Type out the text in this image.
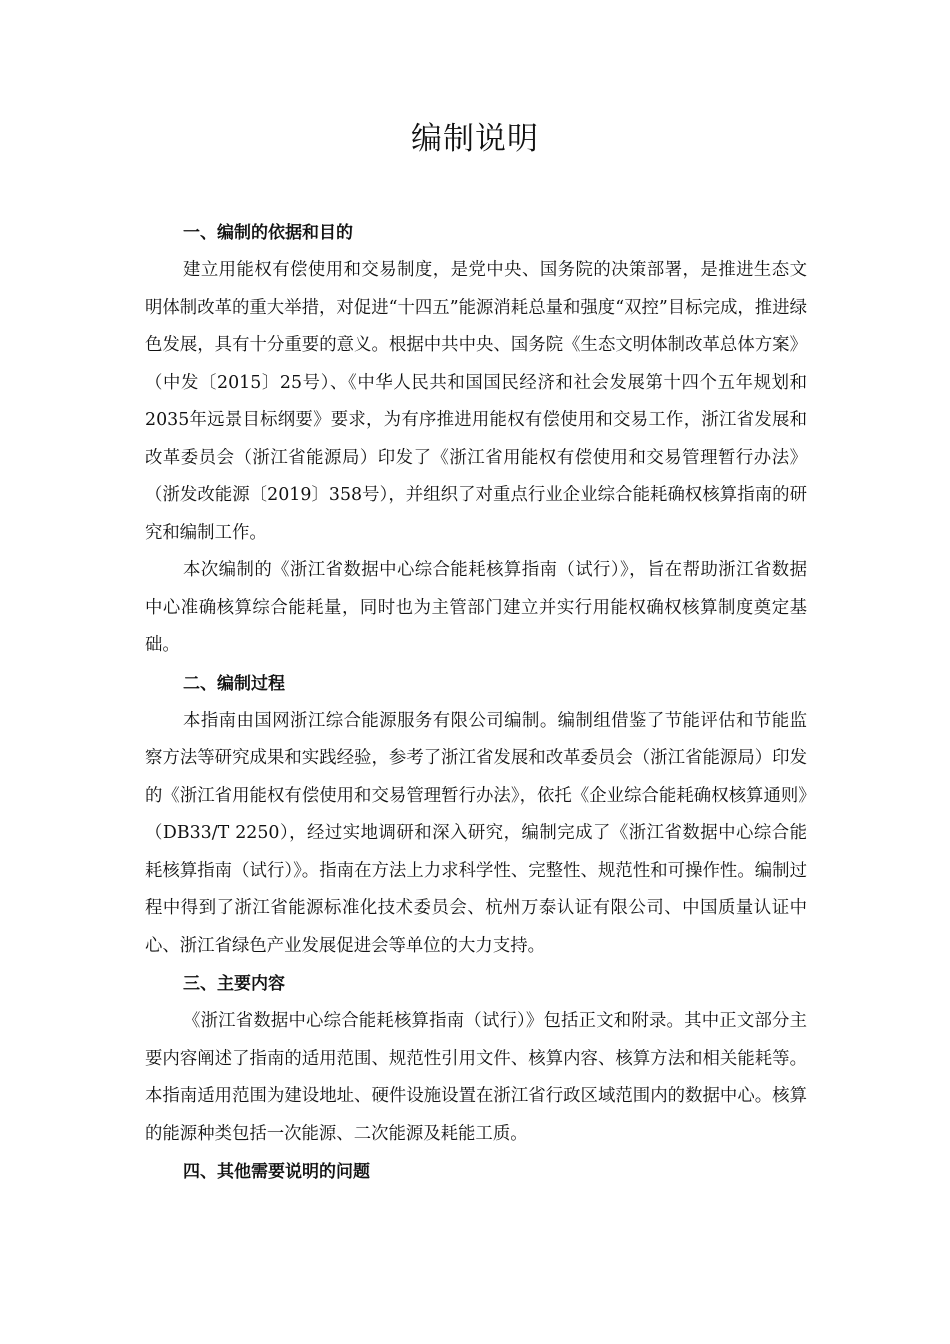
编制说明
一、编制的依据和目的

建立用能权有偿使用和交易制度，是党中央、国务院的决策部署，是推进生态文明体制改革的重大举措，对促进“十四五”能源消耗总量和强度“双控”目标完成，推进绿色发展，具有十分重要的意义。根据中共中央、国务院《生态文明体制改革总体方案》（中发〔2015〕25号）、《中华人民共和国国民经济和社会发展第十四个五年规划和2035年远景目标纲要》要求，为有序推进用能权有偿使用和交易工作，浙江省发展和改革委员会（浙江省能源局）印发了《浙江省用能权有偿使用和交易管理暂行办法》（浙发改能源〔2019〕358号），并组织了对重点行业企业综合能耗确权核算指南的研究和编制工作。

本次编制的《浙江省数据中心综合能耗核算指南（试行）》，旨在帮助浙江省数据中心准确核算综合能耗量，同时也为主管部门建立并实行用能权确权核算制度奠定基础。

二、编制过程

本指南由国网浙江综合能源服务有限公司编制。编制组借鉴了节能评估和节能监察方法等研究成果和实践经验，参考了浙江省发展和改革委员会（浙江省能源局）印发的《浙江省用能权有偿使用和交易管理暂行办法》，依托《企业综合能耗确权核算通则》　（DB33/T 2250），经过实地调研和深入研究，编制完成了《浙江省数据中心综合能耗核算指南（试行）》。指南在方法上力求科学性、完整性、规范性和可操作性。编制过程中得到了浙江省能源标准化技术委员会、杭州万泰认证有限公司、中国质量认证中心、浙江省绿色产业发展促进会等单位的大力支持。

三、主要内容

《浙江省数据中心综合能耗核算指南（试行）》包括正文和附录。其中正文部分主要内容阐述了指南的适用范围、规范性引用文件、核算内容、核算方法和相关能耗等。本指南适用范围为建设地址、硬件设施设置在浙江省行政区域范围内的数据中心。核算的能源种类包括一次能源、二次能源及耗能工质。

四、其他需要说明的问题
